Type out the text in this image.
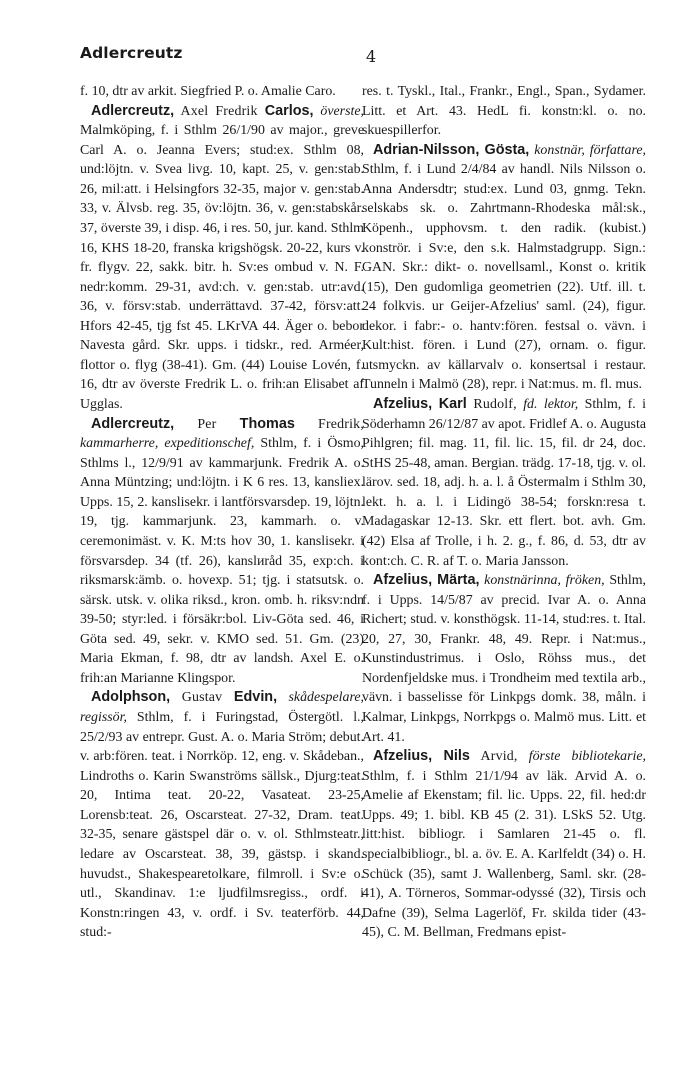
Adlercreutz	4

f. 10, dtr av arkit. Siegfried P. o. Amalie Caro.

Adlercreutz, Axel Fredrik Carlos, överste, Malmköping, f. i Sthlm 26/1/90 av major., greve Carl A. o. Jeanna Evers; stud:ex. Sthlm 08, und:löjtn. v. Svea livg. 10, kapt. 25, v. gen:stab. 26, mil:att. i Helsingfors 32-35, major v. gen:stab. 33, v. Älvsb. reg. 35, öv:löjtn. 36, v. gen:stabskår. 37, överste 39, i disp. 46, i res. 50, jur. kand. Sthlm 16, KHS 18-20, franska krigshögsk. 20-22, kurs v. fr. flygv. 22, sakk. bitr. h. Sv:es ombud v. N. F. nedr:komm. 29-31, avd:ch. v. gen:stab. utr:avd. 36, v. försv:stab. underrättavd. 37-42, försv:att. Hfors 42-45, tjg fst 45. LKrVA 44. Äger o. bebor Navesta gård. Skr. upps. i tidskr., red. Arméer, flottor o. flyg (38-41). Gm. (44) Louise Lovén, f. 16, dtr av överste Fredrik L. o. frih:an Elisabet af Ugglas.

Adlercreutz, Per Thomas Fredrik, kammarherre, expeditionschef, Sthlm, f. i Ösmo, Sthlms l., 12/9/91 av kammarjunk. Fredrik A. o. Anna Müntzing; und:löjtn. i K 6 res. 13, kansliex. Upps. 15, 2. kanslisekr. i lantförsvarsdep. 19, löjtn. 19, tjg. kammarjunk. 23, kammarh. o. v. ceremonimäst. v. K. M:ts hov 30, 1. kanslisekr. i försvarsdep. 34 (tf. 26), kanslиråd 35, exp:ch. i riksmarsk:ämb. o. hovexp. 51; tjg. i statsutsk. o. särsk. utsk. v. olika riksd., kron. omb. h. riksv:ndn 39-50; styr:led. i försäkr:bol. Liv-Göta sed. 46, i Göta sed. 49, sekr. v. KMO sed. 51. Gm. (23) Maria Ekman, f. 98, dtr av landsh. Axel E. o. frih:an Marianne Klingspor.

Adolphson, Gustav Edvin, skådespelare, regissör, Sthlm, f. i Furingstad, Östergötl. l., 25/2/93 av entrepr. Gust. A. o. Maria Ström; debut. v. arb:fören. teat. i Norrköp. 12, eng. v. Skådeban., Lindroths o. Karin Swanströms sällsk., Djurg:teat. 20, Intima teat. 20-22, Vasateat. 23-25, Lorensb:teat. 26, Oscarsteat. 27-32, Dram. teat. 32-35, senare gästspel där o. v. ol. Sthlmsteatr., ledare av Oscarsteat. 38, 39, gästsp. i skand. huvudst., Shakespearetolkare, filmroll. i Sv:e o. utl., Skandinav. 1:e ljudfilmsregiss., ordf. i Konstn:ringen 43, v. ordf. i Sv. teaterförb. 44, stud:-

res. t. Tyskl., Ital., Frankr., Engl., Span., Sydamer. Litt. et Art. 43. HedL fi. konstn:kl. o. no. skuespillerfor.

Adrian-Nilsson, Gösta, konstnär, författare, Sthlm, f. i Lund 2/4/84 av handl. Nils Nilsson o. Anna Andersdtr; stud:ex. Lund 03, gnmg. Tekn. selskabs sk. o. Zahrtmann-Rhodeska mål:sk., Köpenh., upphovsm. t. den radik. (kubist.) konströr. i Sv:e, den s.k. Halmstadgrupp. Sign.: GAN. Skr.: dikt- o. novellsaml., Konst o. kritik (15), Den gudomliga geometrien (22). Utf. ill. t. 24 folkvis. ur Geijer-Afzelius' saml. (24), figur. dekor. i fabr:- o. hantv:fören. festsal o. vävn. i Kult:hist. fören. i Lund (27), ornam. o. figur. utsmyckn. av källarvalv o. konsertsal i restaur. Tunneln i Malmö (28), repr. i Nat:mus. m. fl. mus.

Afzelius, Karl Rudolf, fd. lektor, Sthlm, f. i Söderhamn 26/12/87 av apot. Fridlef A. o. Augusta Pihlgren; fil. mag. 11, fil. lic. 15, fil. dr 24, doc. StHS 25-48, aman. Bergian. trädg. 17-18, tjg. v. ol. lärov. sed. 18, adj. h. a. l. å Östermalm i Sthlm 30, lekt. h. a. l. i Lidingö 38-54; forskn:resa t. Madagaskar 12-13. Skr. ett flert. bot. avh. Gm. (42) Elsa af Trolle, i h. 2. g., f. 86, d. 53, dtr av kont:ch. C. R. af T. o. Maria Jansson.

Afzelius, Märta, konstnärinna, fröken, Sthlm, f. i Upps. 14/5/87 av prесid. Ivar A. o. Anna Richert; stud. v. konsthögsk. 11-14, stud:res. t. Ital. 20, 27, 30, Frankr. 48, 49. Repr. i Nat:mus., Kunstindustrimus. i Oslo, Röhss mus., det Nordenfjeldske mus. i Trondheim med textila arb., vävn. i basselisse för Linkpgs domk. 38, måln. i Kalmar, Linkpgs, Norrkpgs o. Malmö mus. Litt. et Art. 41.

Afzelius, Nils Arvid, förste bibliotekarie, Sthlm, f. i Sthlm 21/1/94 av läk. Arvid A. o. Amelie af Ekenstam; fil. lic. Upps. 22, fil. hed:dr Upps. 49; 1. bibl. KB 45 (2. 31). LSkS 52. Utg. litt:hist. bibliogr. i Samlaren 21-45 o. fl. specialbibliogr., bl. a. öv. E. A. Karlfeldt (34) o. H. Schück (35), samt J. Wallenberg, Saml. skr. (28-41), A. Törneros, Sommar-odyssé (32), Tirsis och Dafne (39), Selma Lagerlöf, Fr. skilda tider (43-45), C. M. Bellman, Fredmans epist-
